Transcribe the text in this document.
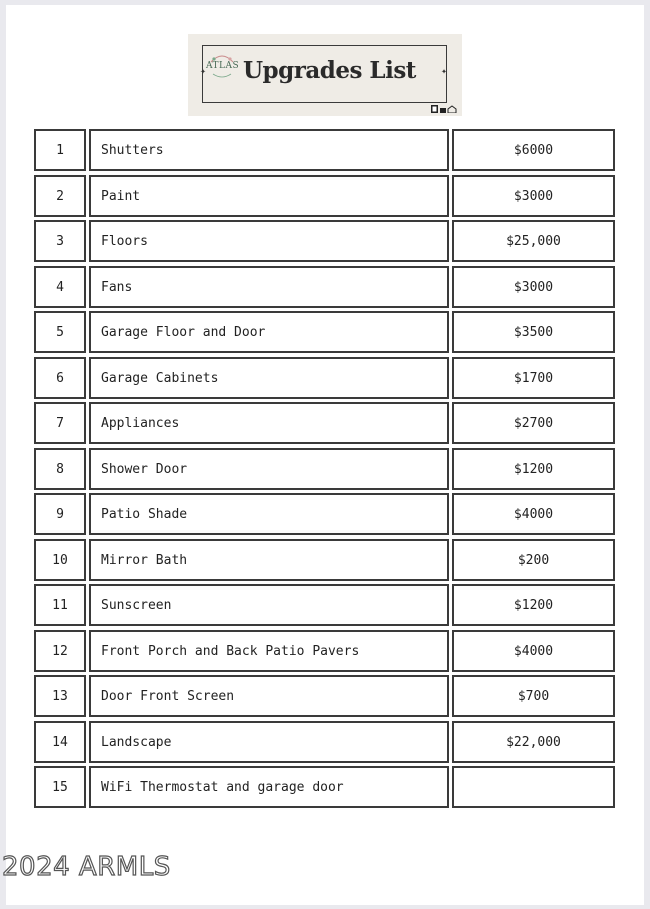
ATLAS
✦ Upgrades List	✦
1	Shutters	$6000
2	Paint	$3000
3	Floors	$25,000
4	Fans	$3000
5	Garage Floor and Door	$3500
6	Garage Cabinets	$1700
7	Appliances	$2700
8	Shower Door	$1200
9	Patio Shade	$4000
10	Mirror Bath	$200
11	Sunscreen	$1200
12	Front Porch and Back Patio Pavers	$4000
13	Door Front Screen	$700
14	Landscape	$22,000
15	WiFi Thermostat and garage door
2024 ARMLS
